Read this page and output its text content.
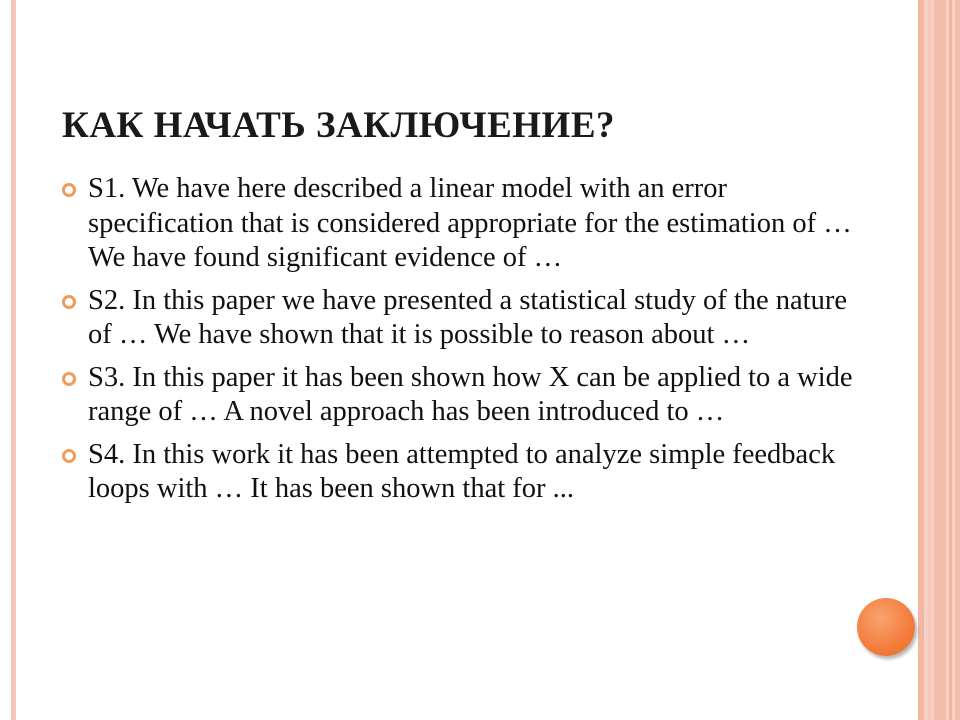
КАК НАЧАТЬ ЗАКЛЮЧЕНИЕ?
S1. We have here described a linear model with an error specification that is considered appropriate for the estimation of … We have found significant evidence of …
S2. In this paper we have presented a statistical study of the nature of … We have shown that it is possible to reason about …
S3. In this paper it has been shown how X can be applied to a wide range of … A novel approach has been introduced to …
S4. In this work it has been attempted to analyze simple feedback loops with … It has been shown that for ...
